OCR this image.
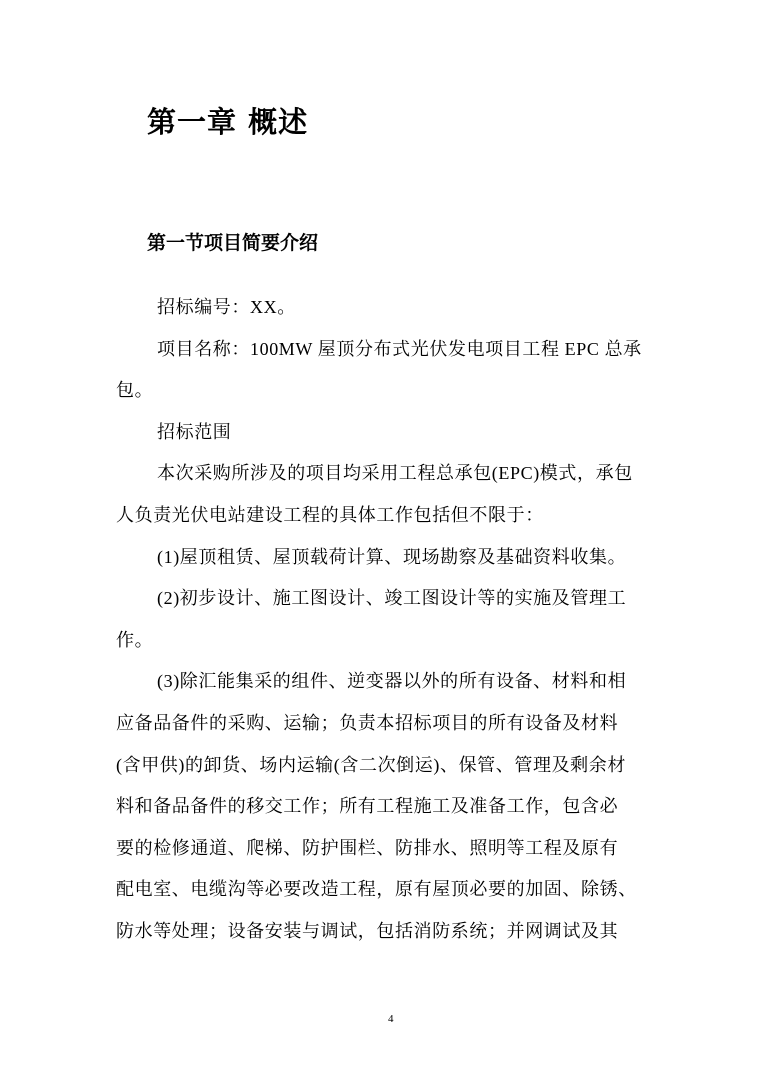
第一章 概述
第一节项目简要介绍
招标编号：XX。
项目名称：100MW 屋顶分布式光伏发电项目工程 EPC 总承
包。
招标范围
本次采购所涉及的项目均采用工程总承包(EPC)模式，承包
人负责光伏电站建设工程的具体工作包括但不限于：
(1)屋顶租赁、屋顶载荷计算、现场勘察及基础资料收集。
(2)初步设计、施工图设计、竣工图设计等的实施及管理工
作。
(3)除汇能集采的组件、逆变器以外的所有设备、材料和相
应备品备件的采购、运输；负责本招标项目的所有设备及材料
(含甲供)的卸货、场内运输(含二次倒运)、保管、管理及剩余材
料和备品备件的移交工作；所有工程施工及准备工作，包含必
要的检修通道、爬梯、防护围栏、防排水、照明等工程及原有
配电室、电缆沟等必要改造工程，原有屋顶必要的加固、除锈、
防水等处理；设备安装与调试，包括消防系统；并网调试及其
4
